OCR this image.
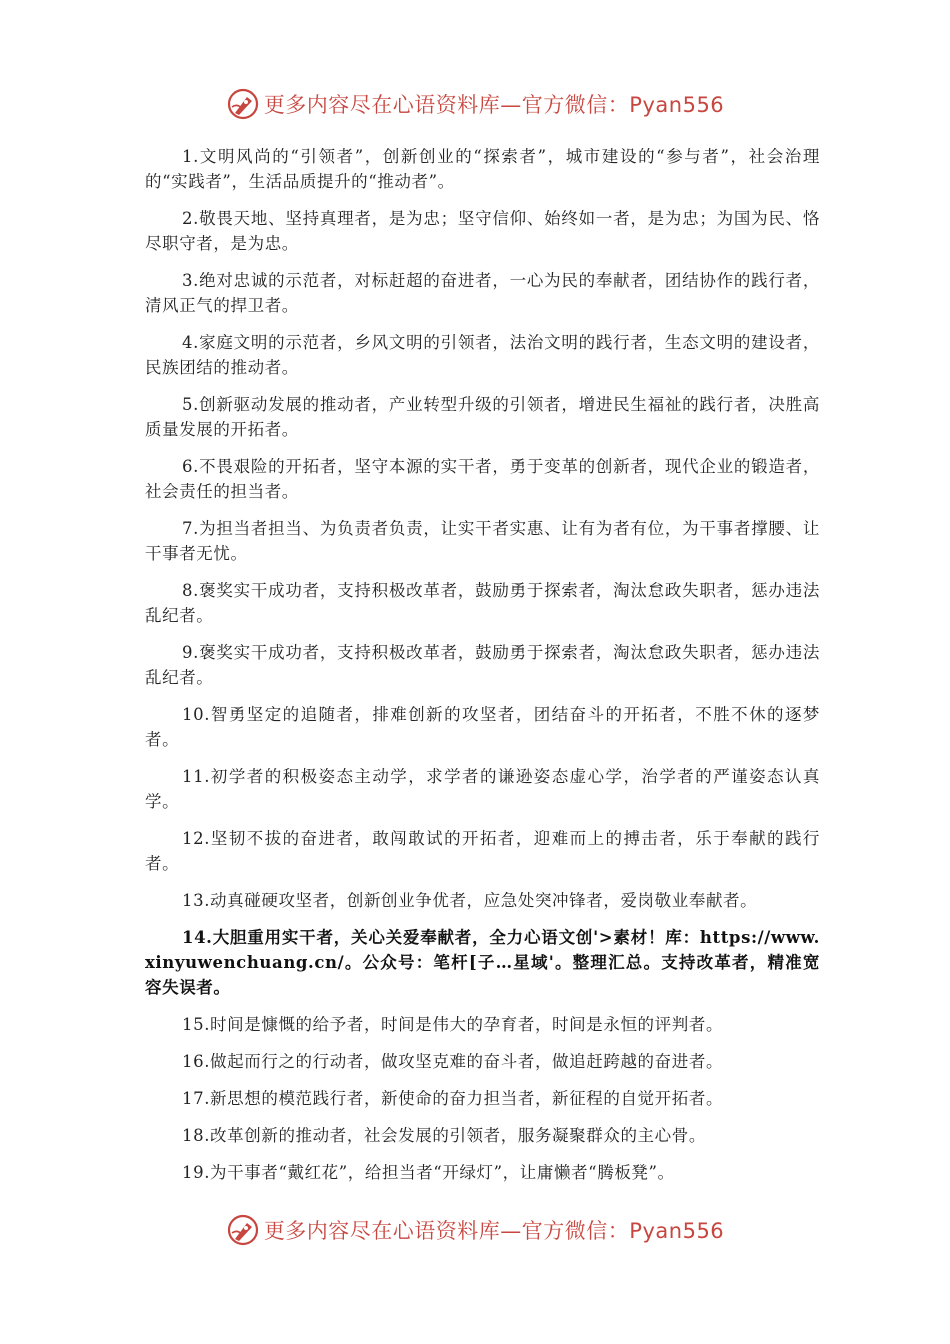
更多内容尽在心语资料库—官方微信：Pyan556

1.文明风尚的“引领者”，创新创业的“探索者”，城市建设的“参与者”，社会治理的“实践者”，生活品质提升的“推动者”。

2.敬畏天地、坚持真理者，是为忠；坚守信仰、始终如一者，是为忠；为国为民、恪尽职守者，是为忠。

3.绝对忠诚的示范者，对标赶超的奋进者，一心为民的奉献者，团结协作的践行者，清风正气的捍卫者。

4.家庭文明的示范者，乡风文明的引领者，法治文明的践行者，生态文明的建设者，民族团结的推动者。

5.创新驱动发展的推动者，产业转型升级的引领者，增进民生福祉的践行者，决胜高质量发展的开拓者。

6.不畏艰险的开拓者，坚守本源的实干者，勇于变革的创新者，现代企业的锻造者，社会责任的担当者。

7.为担当者担当、为负责者负责，让实干者实惠、让有为者有位，为干事者撑腰、让干事者无忧。

8.褒奖实干成功者，支持积极改革者，鼓励勇于探索者，淘汰怠政失职者，惩办违法乱纪者。

9.褒奖实干成功者，支持积极改革者，鼓励勇于探索者，淘汰怠政失职者，惩办违法乱纪者。

10.智勇坚定的追随者，排难创新的攻坚者，团结奋斗的开拓者，不胜不休的逐梦者。

11.初学者的积极姿态主动学，求学者的谦逊姿态虚心学，治学者的严谨姿态认真学。

12.坚韧不拔的奋进者，敢闯敢试的开拓者，迎难而上的搏击者，乐于奉献的践行者。

13.动真碰硬攻坚者，创新创业争优者，应急处突冲锋者，爱岗敬业奉献者。

14.大胆重用实干者，关心关爱奉献者，全力心语文创'>素材！库：https://www.xinyuwenchuang.cn/。公众号：笔杆[子…星域'。整理汇总。支持改革者，精准宽容失误者。

15.时间是慷慨的给予者，时间是伟大的孕育者，时间是永恒的评判者。

16.做起而行之的行动者，做攻坚克难的奋斗者，做追赶跨越的奋进者。

17.新思想的模范践行者，新使命的奋力担当者，新征程的自觉开拓者。

18.改革创新的推动者，社会发展的引领者，服务凝聚群众的主心骨。

19.为干事者“戴红花”，给担当者“开绿灯”，让庸懒者“腾板凳”。

更多内容尽在心语资料库—官方微信：Pyan556
